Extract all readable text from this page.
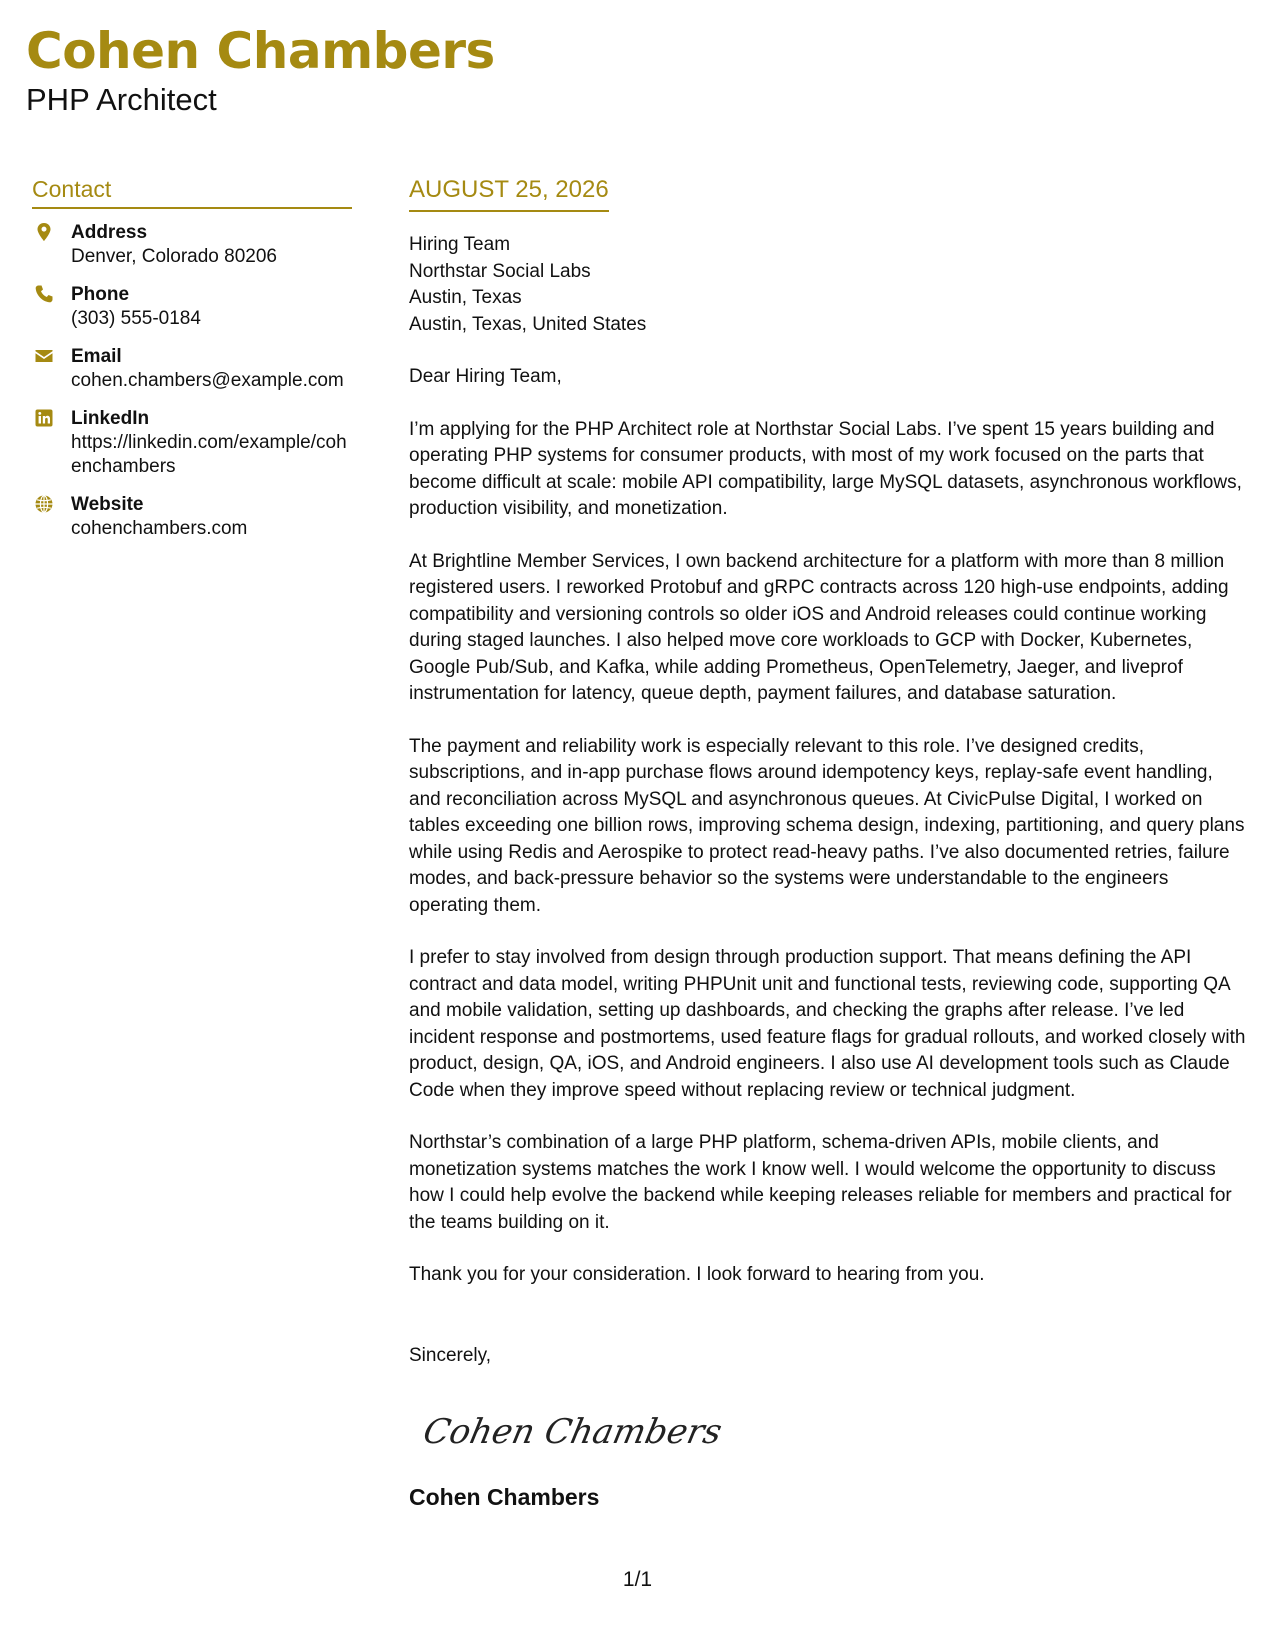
Cohen Chambers
PHP Architect
Contact
Address
Denver, Colorado 80206
Phone
(303) 555-0184
Email
cohen.chambers@example.com
LinkedIn
https://linkedin.com/example/cohenchambers
Website
cohenchambers.com
AUGUST 25, 2026
Hiring Team
Northstar Social Labs
Austin, Texas
Austin, Texas, United States
Dear Hiring Team,
I’m applying for the PHP Architect role at Northstar Social Labs. I’ve spent 15 years building and operating PHP systems for consumer products, with most of my work focused on the parts that become difficult at scale: mobile API compatibility, large MySQL datasets, asynchronous workflows, production visibility, and monetization.
At Brightline Member Services, I own backend architecture for a platform with more than 8 million registered users. I reworked Protobuf and gRPC contracts across 120 high-use endpoints, adding compatibility and versioning controls so older iOS and Android releases could continue working during staged launches. I also helped move core workloads to GCP with Docker, Kubernetes, Google Pub/Sub, and Kafka, while adding Prometheus, OpenTelemetry, Jaeger, and liveprof instrumentation for latency, queue depth, payment failures, and database saturation.
The payment and reliability work is especially relevant to this role. I’ve designed credits, subscriptions, and in-app purchase flows around idempotency keys, replay-safe event handling, and reconciliation across MySQL and asynchronous queues. At CivicPulse Digital, I worked on tables exceeding one billion rows, improving schema design, indexing, partitioning, and query plans while using Redis and Aerospike to protect read-heavy paths. I’ve also documented retries, failure modes, and back-pressure behavior so the systems were understandable to the engineers operating them.
I prefer to stay involved from design through production support. That means defining the API contract and data model, writing PHPUnit unit and functional tests, reviewing code, supporting QA and mobile validation, setting up dashboards, and checking the graphs after release. I’ve led incident response and postmortems, used feature flags for gradual rollouts, and worked closely with product, design, QA, iOS, and Android engineers. I also use AI development tools such as Claude Code when they improve speed without replacing review or technical judgment.
Northstar’s combination of a large PHP platform, schema-driven APIs, mobile clients, and monetization systems matches the work I know well. I would welcome the opportunity to discuss how I could help evolve the backend while keeping releases reliable for members and practical for the teams building on it.
Thank you for your consideration. I look forward to hearing from you.
Sincerely,
Cohen Chambers
Cohen Chambers
1/1
